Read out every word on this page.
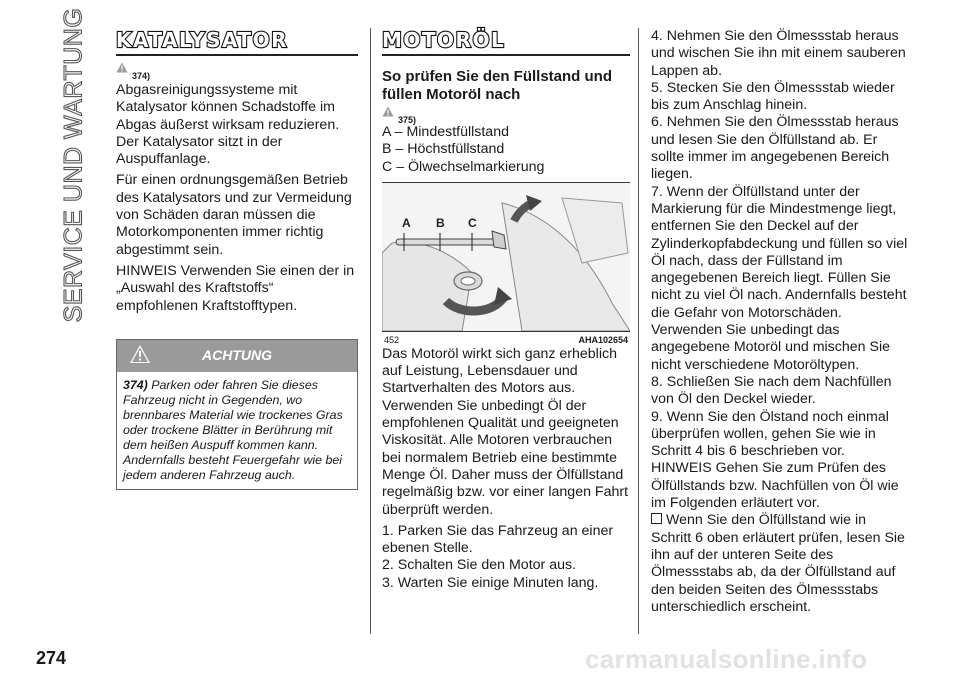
SERVICE UND WARTUNG KATALYSATOR
374)

Abgasreinigungssysteme mit Katalysator können Schadstoffe im Abgas äußerst wirksam reduzieren. Der Katalysator sitzt in der Auspuffanlage.

Für einen ordnungsgemäßen Betrieb des Katalysators und zur Vermeidung von Schäden daran müssen die Motorkomponenten immer richtig abgestimmt sein.

HINWEIS Verwenden Sie einen der in „Auswahl des Kraftstoffs“ empfohlenen Kraftstofftypen.

ACHTUNG
374) Parken oder fahren Sie dieses Fahrzeug nicht in Gegenden, wo brennbares Material wie trockenes Gras oder trockene Blätter in Berührung mit dem heißen Auspuff kommen kann. Andernfalls besteht Feuergefahr wie bei jedem anderen Fahrzeug auch.
MOTORÖL
So prüfen Sie den Füllstand und füllen Motoröl nach
375)

A – Mindestfüllstand

B – Höchstfüllstand

C – Ölwechselmarkierung

A B C
452	AHA102654

Das Motoröl wirkt sich ganz erheblich auf Leistung, Lebensdauer und Startverhalten des Motors aus. Verwenden Sie unbedingt Öl der empfohlenen Qualität und geeigneten Viskosität. Alle Motoren verbrauchen bei normalem Betrieb eine bestimmte Menge Öl. Daher muss der Ölfüllstand regelmäßig bzw. vor einer langen Fahrt überprüft werden.

1. Parken Sie das Fahrzeug an einer ebenen Stelle.

2. Schalten Sie den Motor aus.

3. Warten Sie einige Minuten lang.

4. Nehmen Sie den Ölmessstab heraus und wischen Sie ihn mit einem sauberen Lappen ab.

5. Stecken Sie den Ölmessstab wieder bis zum Anschlag hinein.

6. Nehmen Sie den Ölmessstab heraus und lesen Sie den Ölfüllstand ab. Er sollte immer im angegebenen Bereich liegen.

7. Wenn der Ölfüllstand unter der Markierung für die Mindestmenge liegt, entfernen Sie den Deckel auf der Zylinderkopfabdeckung und füllen so viel Öl nach, dass der Füllstand im angegebenen Bereich liegt. Füllen Sie nicht zu viel Öl nach. Andernfalls besteht die Gefahr von Motorschäden. Verwenden Sie unbedingt das angegebene Motoröl und mischen Sie nicht verschiedene Motoröltypen.

8. Schließen Sie nach dem Nachfüllen von Öl den Deckel wieder.

9. Wenn Sie den Ölstand noch einmal überprüfen wollen, gehen Sie wie in Schritt 4 bis 6 beschrieben vor.

HINWEIS Gehen Sie zum Prüfen des Ölfüllstands bzw. Nachfüllen von Öl wie im Folgenden erläutert vor.

Wenn Sie den Ölfüllstand wie in Schritt 6 oben erläutert prüfen, lesen Sie ihn auf der unteren Seite des Ölmessstabs ab, da der Ölfüllstand auf den beiden Seiten des Ölmessstabs unterschiedlich erscheint.

274	carmanualsonline.info
